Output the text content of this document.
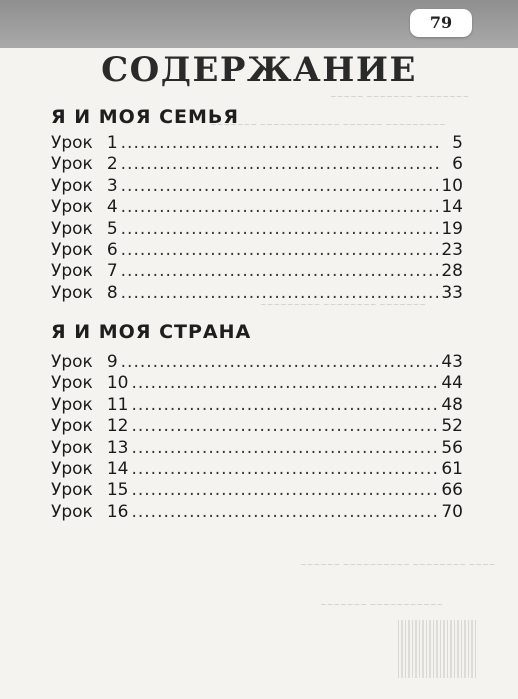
79
~~~~~ ~~~~~~~ ~~~~~~~~
~~~~~~~ ~~~~~~~~~~~~ ~~~~~~ ~~~~~~~~~
~~~~~~~~~ ~~~~~~~~ ~~~~~~~
~~~~~~ ~~~~~~~~~~ ~~~~~~~~ ~~~~
~~~~~~~ ~~~~~~~~~~~
СОДЕРЖАНИЕ
Я И МОЯ СЕМЬЯ
Урок 1 .....	5
Урок 2 .....	6
Урок 3 .....	10
Урок 4 .....	14
Урок 5 .....	19
Урок 6 .....	23
Урок 7 .....	28
Урок 8 .....	33
Я И МОЯ СТРАНА
Урок 9 .....	43
Урок 10 .....	44
Урок 11 .....	48
Урок 12 .....	52
Урок 13 .....	56
Урок 14 .....	61
Урок 15 .....	66
Урок 16 .....	70
